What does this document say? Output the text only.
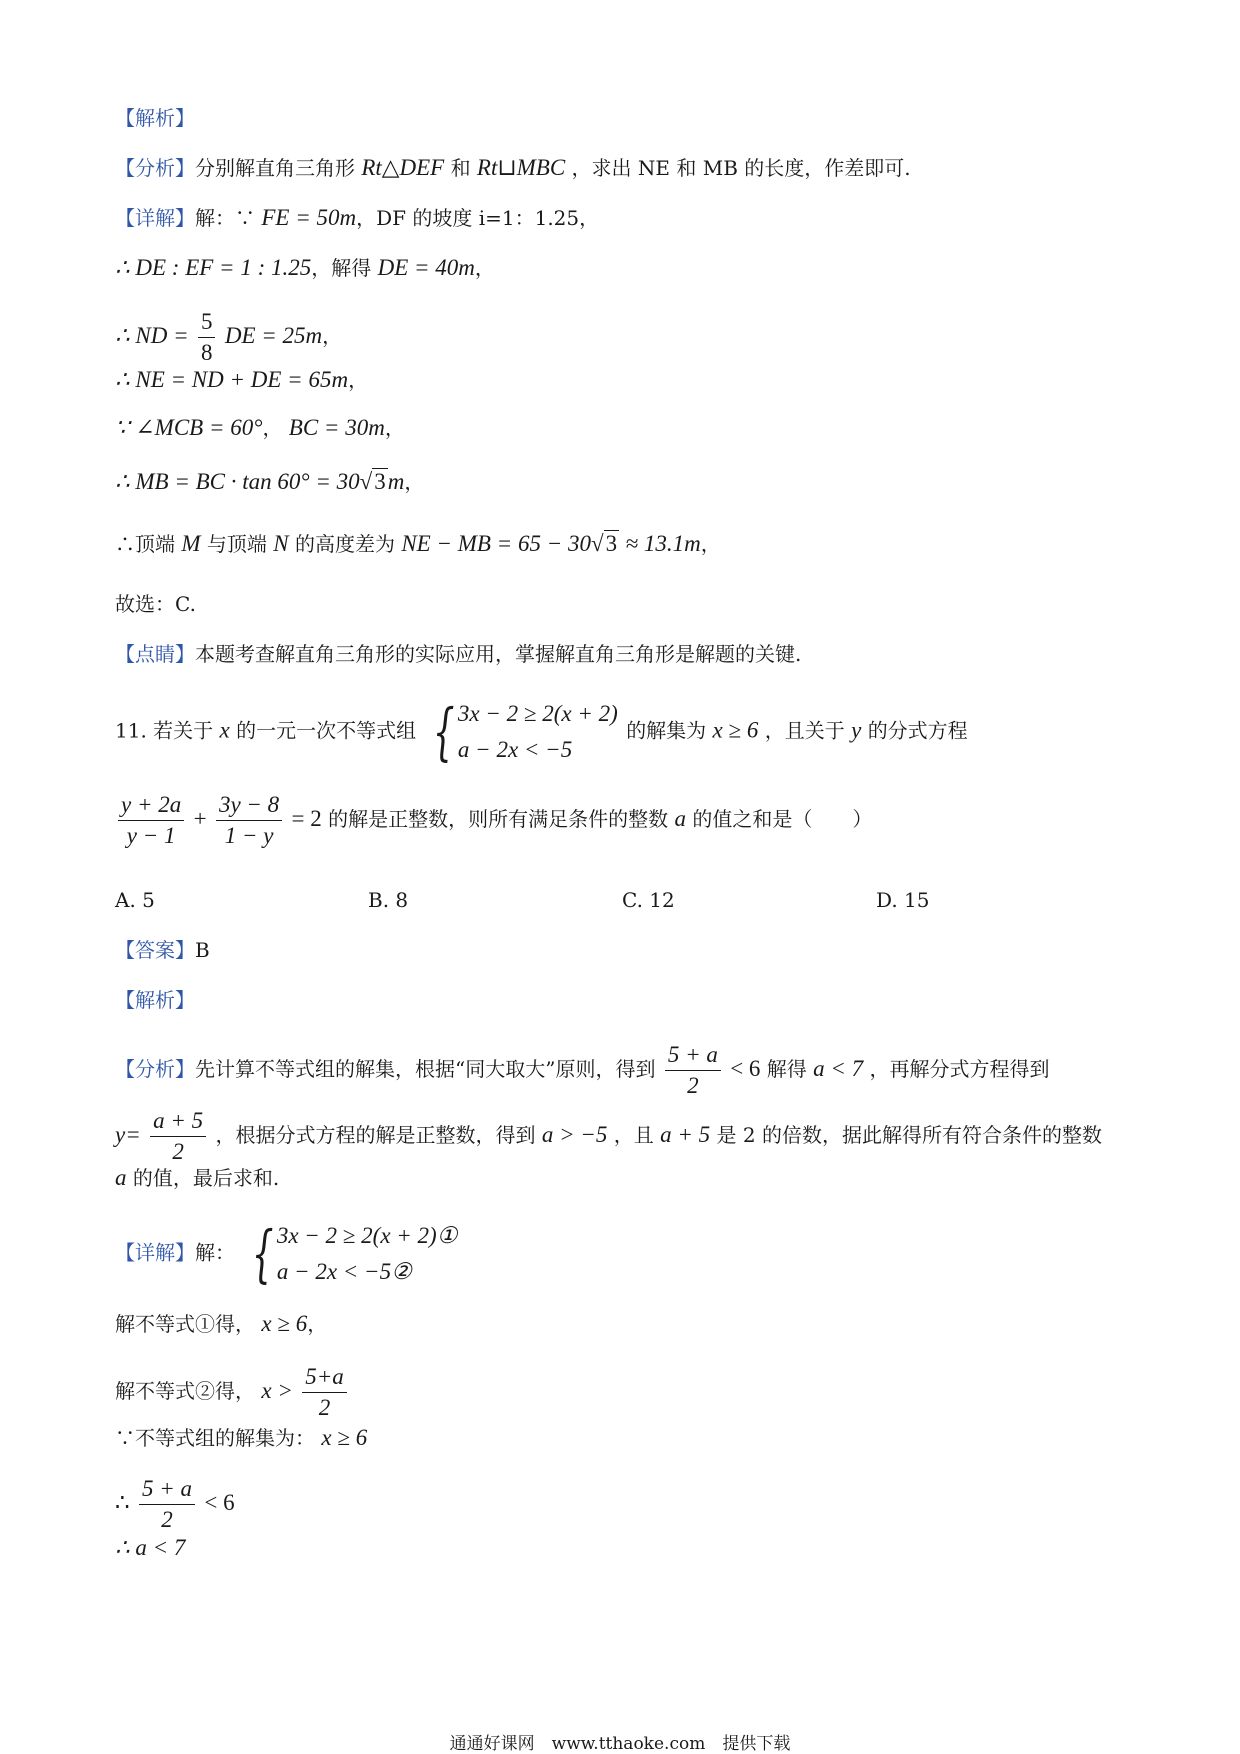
【解析】
【分析】分别解直角三角形 Rt△DEF 和 Rt⊔MBC ，求出 NE 和 MB 的长度，作差即可.
【详解】解：∵ FE = 50m，DF 的坡度 i=1：1.25，
∴ DE : EF = 1 : 1.25，解得 DE = 40m，
∴ ND = $\frac{5}{8}$ DE = 25m，
∴ NE = ND + DE = 65m，
∵ ∠MCB = 60°， BC = 30m，
∴ MB = BC · tan 60° = 30√3m，
∴顶端 M 与顶端 N 的高度差为 NE − MB = 65 − 30√3 ≈ 13.1m，
故选：C.
【点睛】本题考查解直角三角形的实际应用，掌握解直角三角形是解题的关键.
11. 若关于 x 的一元一次不等式组 { 3x − 2 ≥ 2(x + 2)
a − 2x < −5
的解集为 x ≥ 6 ，且关于 y 的分式方程
$\frac{y + 2a}{y - 1} + \frac{3y - 8}{1 - y} = 2$ 的解是正整数，则所有满足条件的整数 a 的值之和是（　　）
A. 5	B. 8	C. 12	D. 15
【答案】B
【解析】
【分析】先计算不等式组的解集，根据“同大取大”原则，得到 $\frac{5 + a}{2} < 6$ 解得 a < 7 ，再解分式方程得到
$y= \frac{a + 5}{2}$ ，根据分式方程的解是正整数，得到 a > −5 ，且 a + 5 是 2 的倍数，据此解得所有符合条件的整数
a 的值，最后求和.
【详解】解： { 3x − 2 ≥ 2(x + 2)①
a − 2x < −5②
解不等式①得， x ≥ 6，
解不等式②得， $x > \frac{5+a}{2}$
∵不等式组的解集为： x ≥ 6
∴ $\frac{5 + a}{2} < 6$
∴ a < 7
通通好课网　www.tthaoke.com　提供下载
